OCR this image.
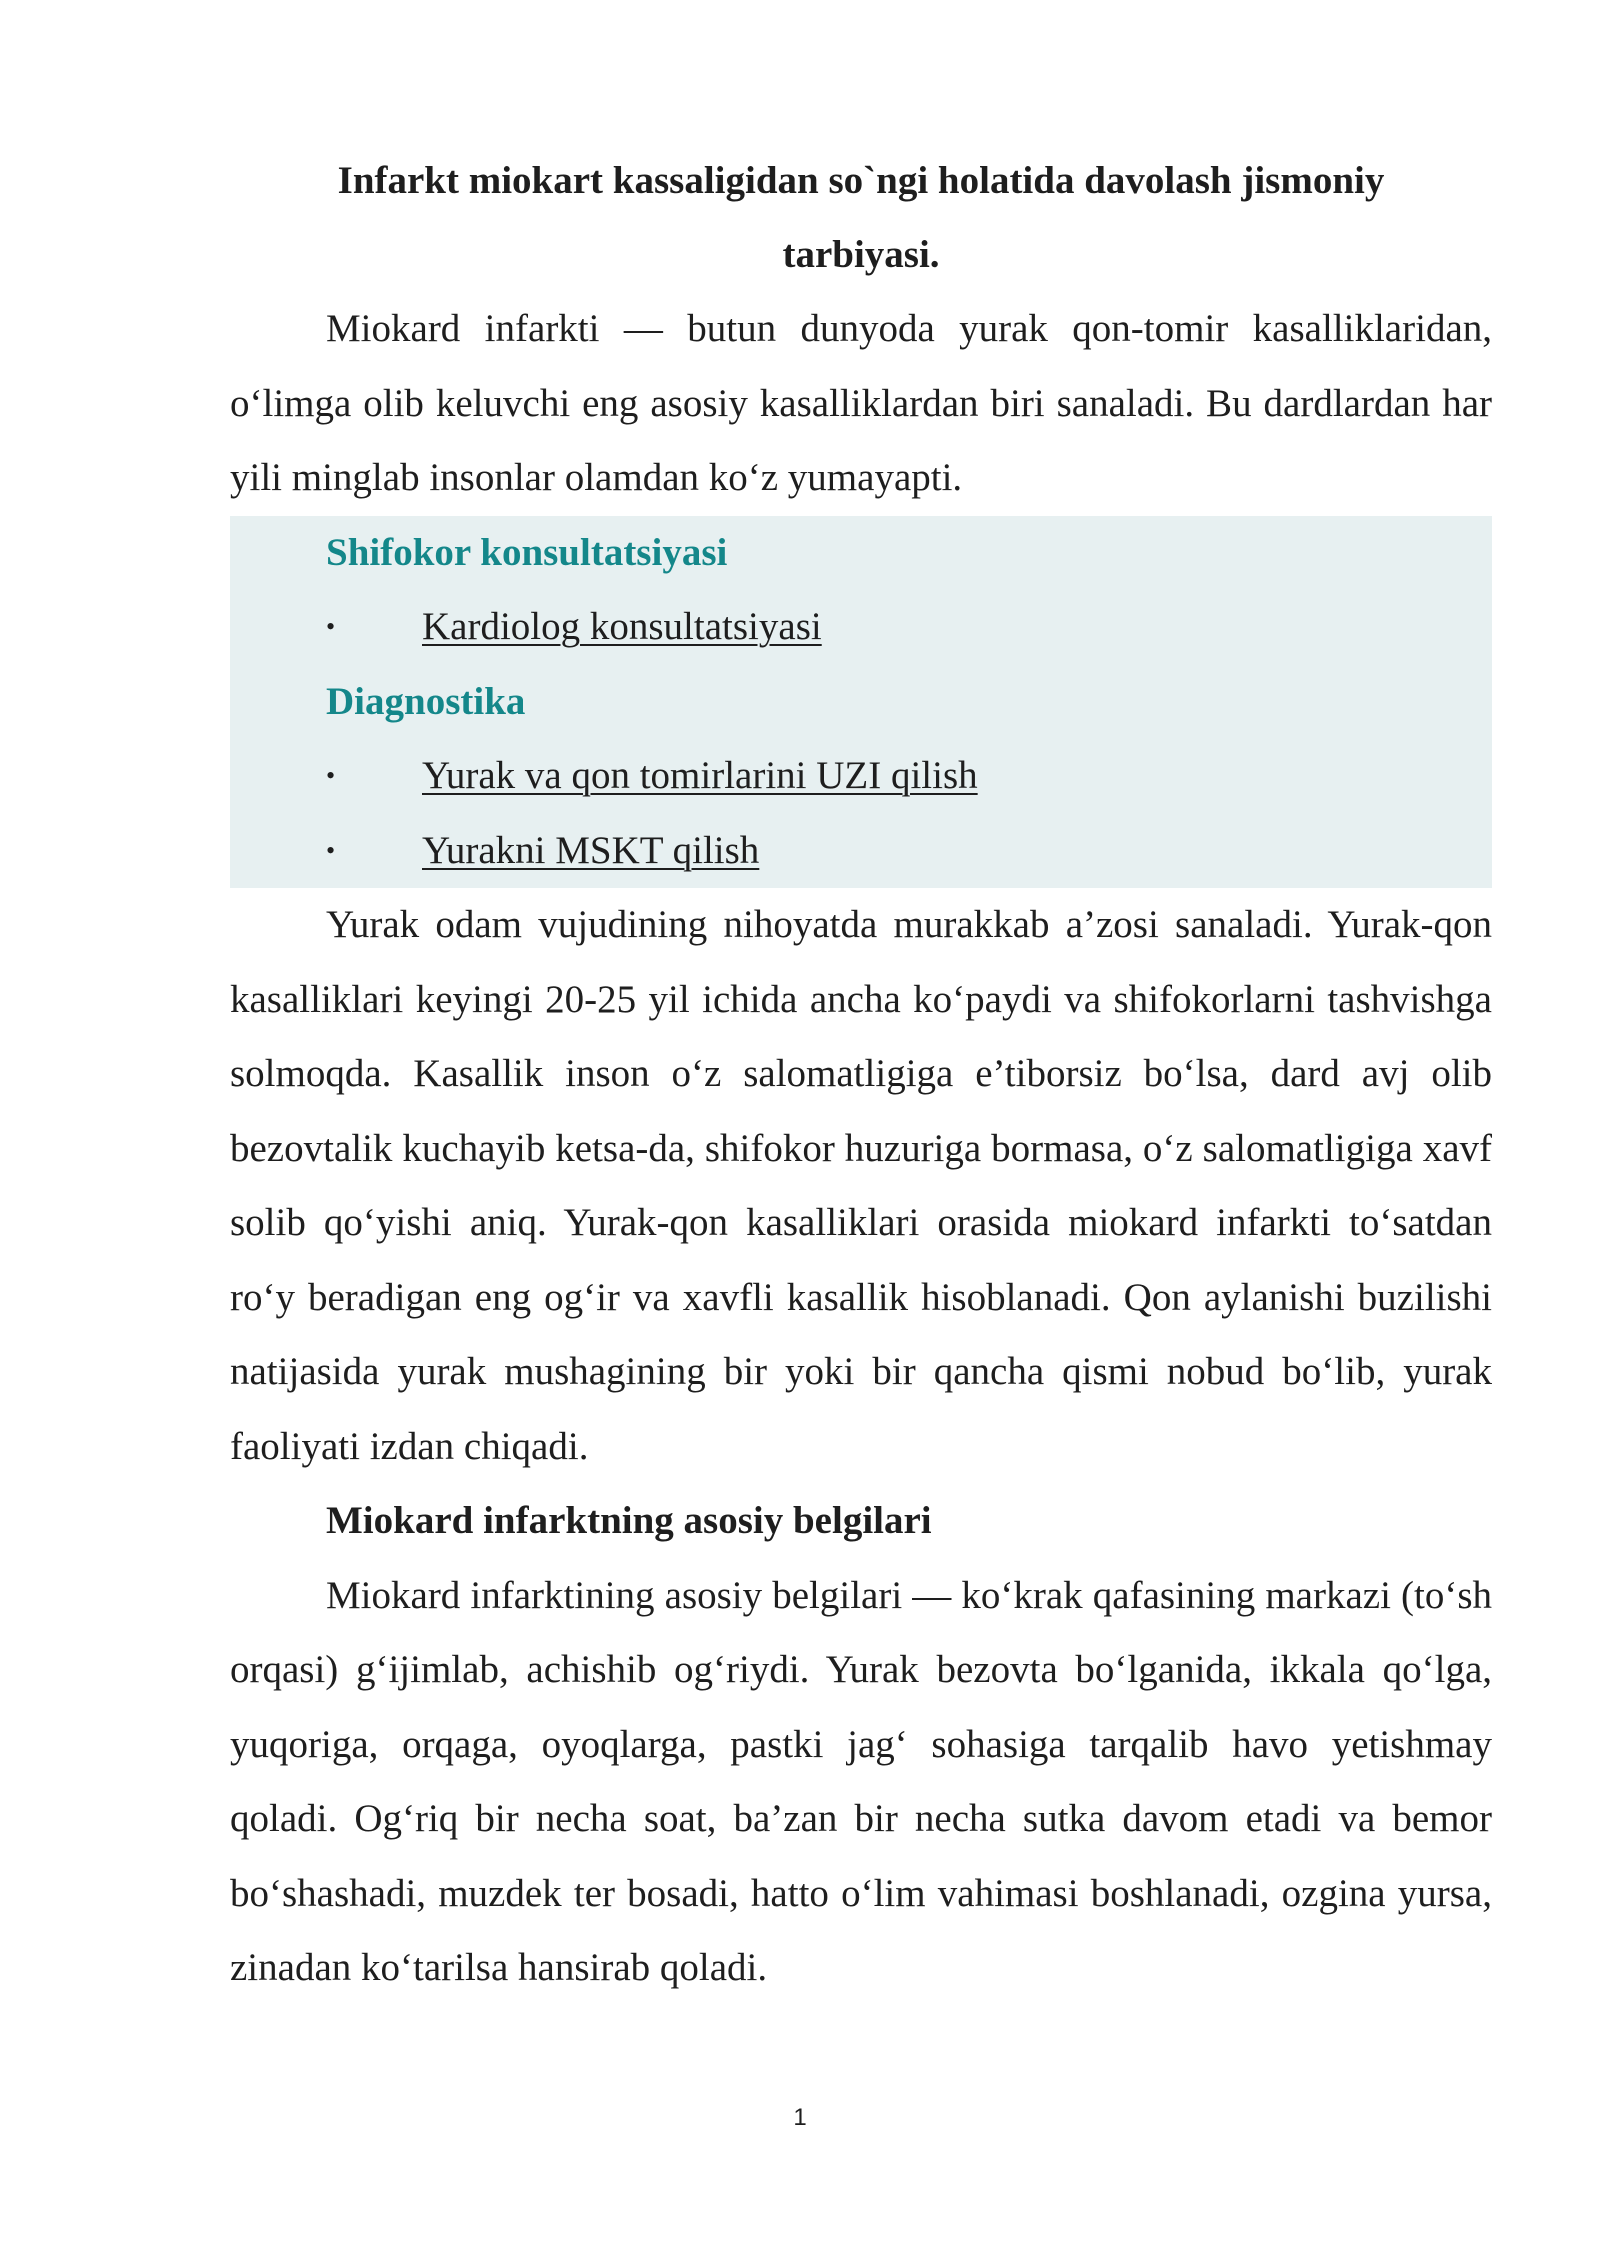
Infarkt miokart kassaligidan so`ngi holatida davolash jismoniy tarbiyasi.

Miokard infarkti — butun dunyoda yurak qon-tomir kasalliklaridan, o‘limga olib keluvchi eng asosiy kasalliklardan biri sanaladi. Bu dardlardan har yili minglab insonlar olamdan ko‘z yumayapti.

Shifokor konsultatsiyasi
•	Kardiolog konsultatsiyasi
Diagnostika
•	Yurak va qon tomirlarini UZI qilish
•	Yurakni MSKT qilish

Yurak odam vujudining nihoyatda murakkab a’zosi sanaladi. Yurak-qon kasalliklari keyingi 20-25 yil ichida ancha ko‘paydi va shifokorlarni tashvishga solmoqda. Kasallik inson o‘z salomatligiga e’tiborsiz bo‘lsa, dard avj olib bezovtalik kuchayib ketsa-da, shifokor huzuriga bormasa, o‘z salomatligiga xavf solib qo‘yishi aniq. Yurak-qon kasalliklari orasida miokard infarkti to‘satdan ro‘y beradigan eng og‘ir va xavfli kasallik hisoblanadi. Qon aylanishi buzilishi natijasida yurak mushagining bir yoki bir qancha qismi nobud bo‘lib, yurak faoliyati izdan chiqadi.

Miokard infarktning asosiy belgilari

Miokard infarktining asosiy belgilari — ko‘krak qafasining markazi (to‘sh orqasi) g‘ijimlab, achishib og‘riydi. Yurak bezovta bo‘lganida, ikkala qo‘lga, yuqoriga, orqaga, oyoqlarga, pastki jag‘ sohasiga tarqalib havo yetishmay qoladi. Og‘riq bir necha soat, ba’zan bir necha sutka davom etadi va bemor bo‘shashadi, muzdek ter bosadi, hatto o‘lim vahimasi boshlanadi, ozgina yursa, zinadan ko‘tarilsa hansirab qoladi.

1
